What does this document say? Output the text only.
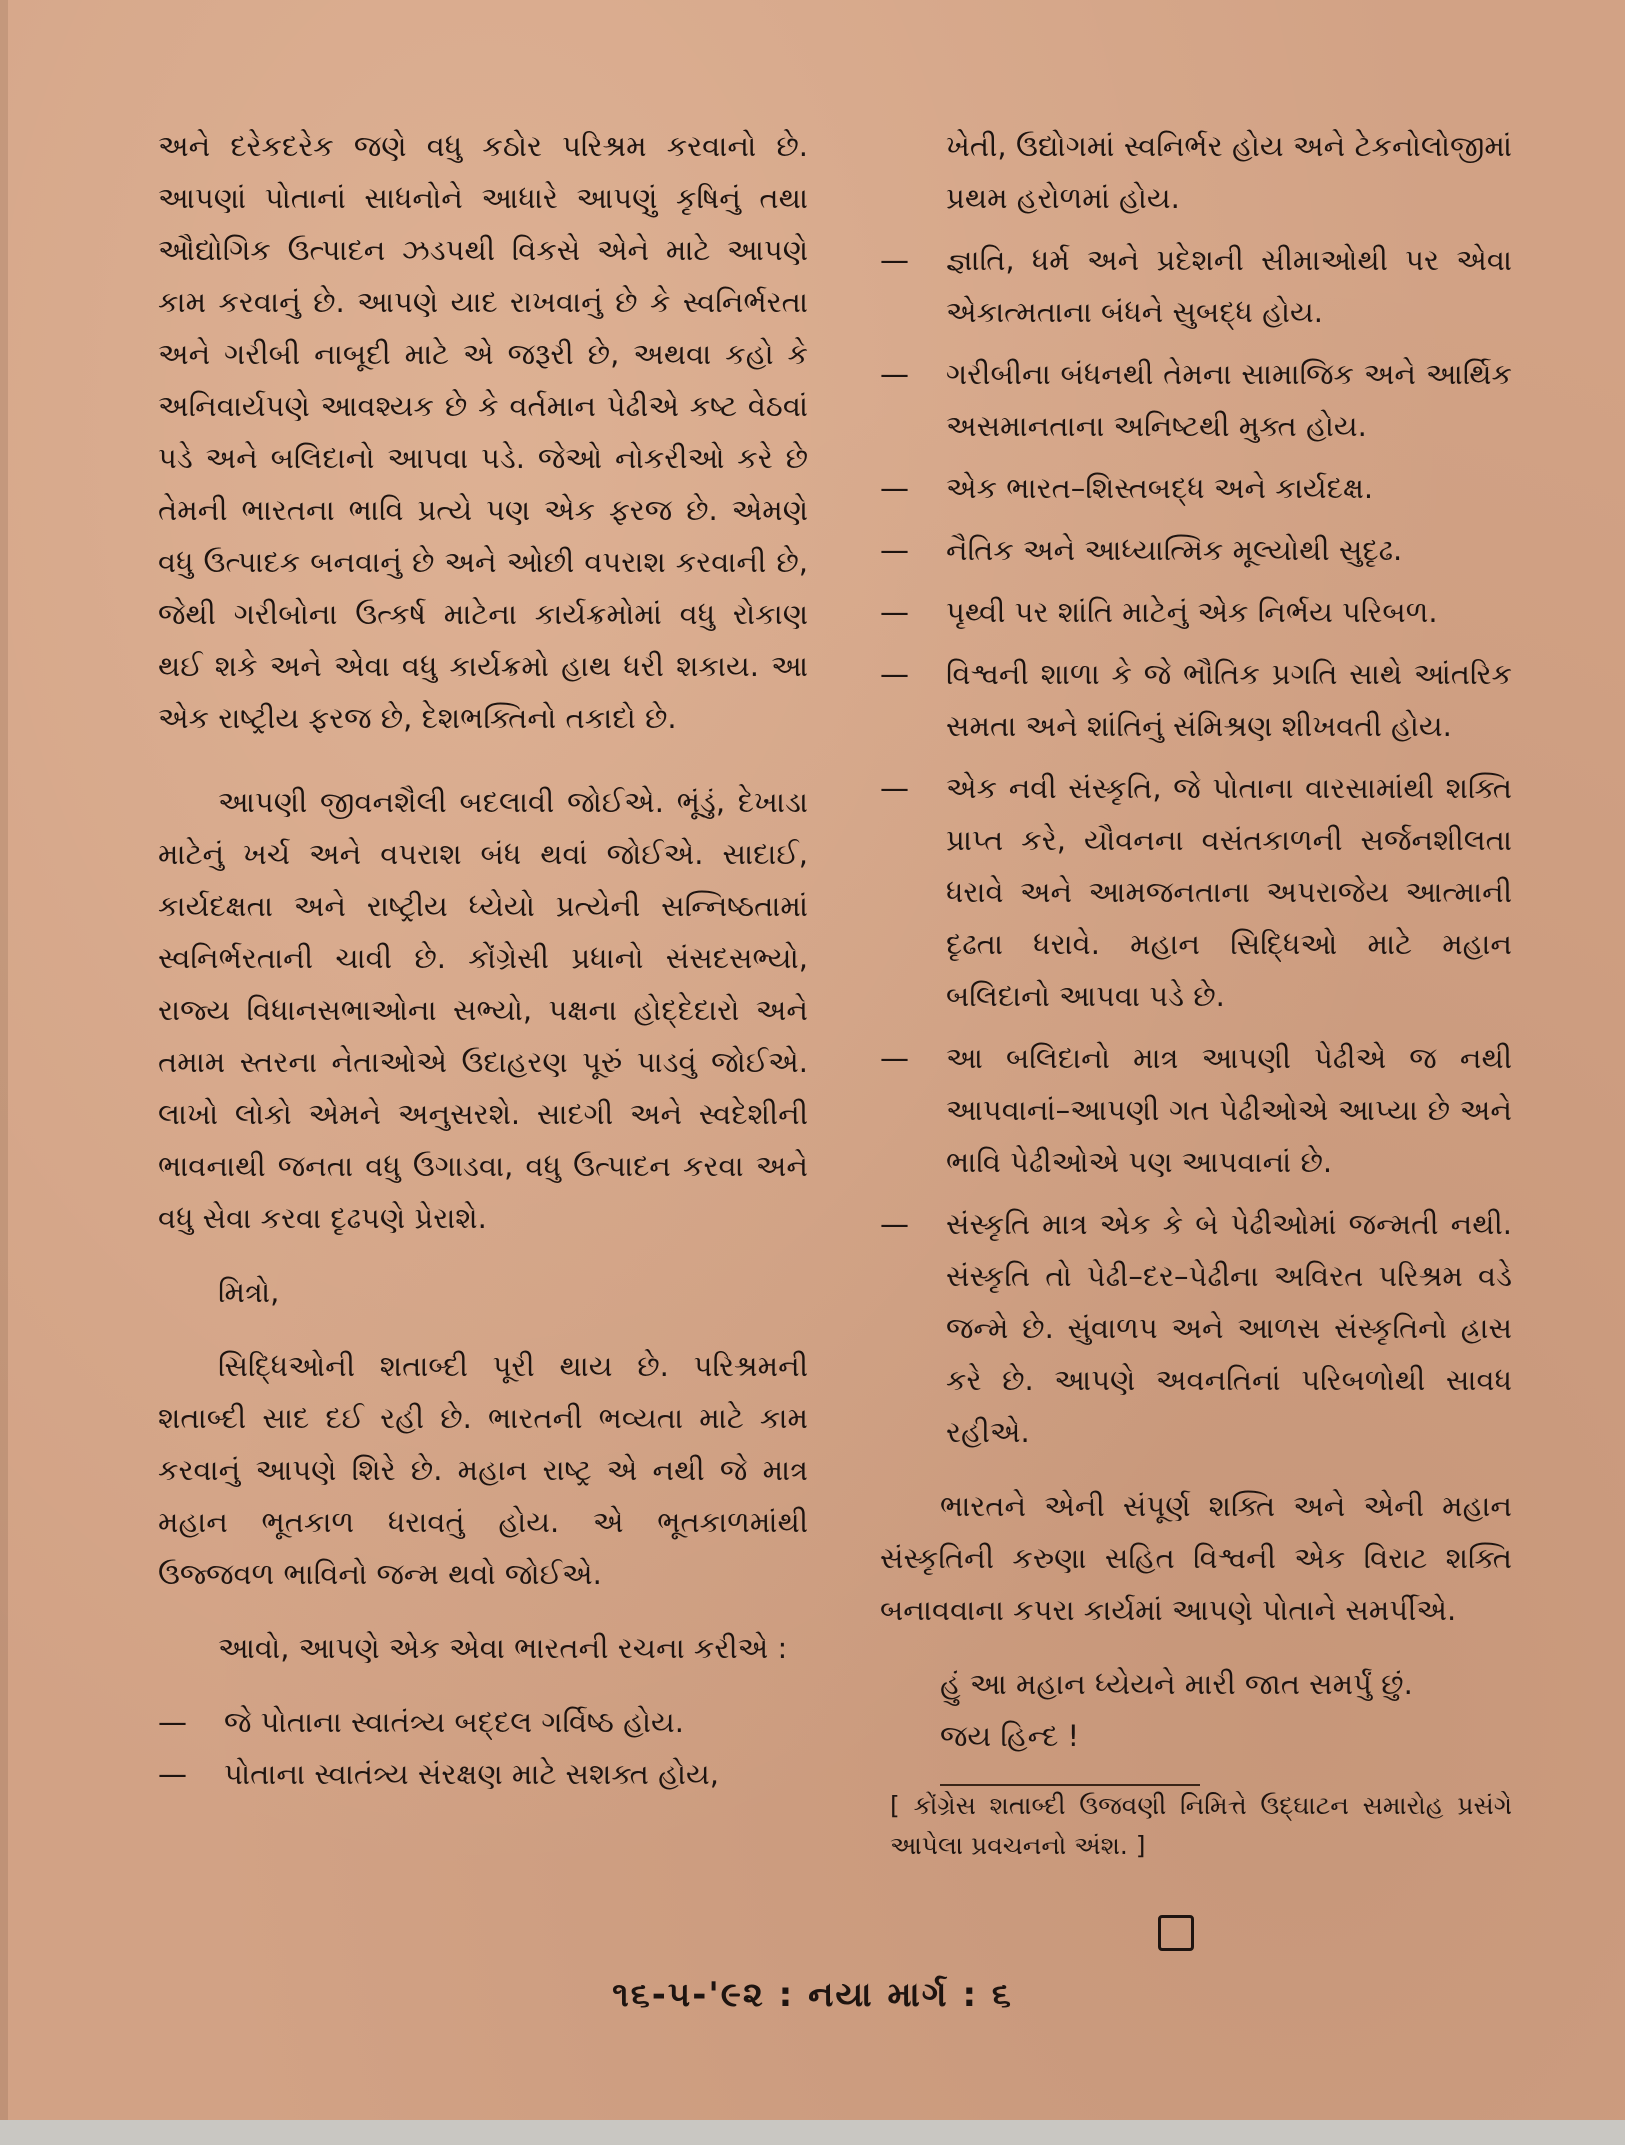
અને દરેકદરેક જણે વધુ કઠોર પરિશ્રમ કરવાનો છે. આપણાં પોતાનાં સાધનોને આધારે આપણું કૃષિનું તથા ઔદ્યોગિક ઉત્પાદન ઝડપથી વિકસે એને માટે આપણે કામ કરવાનું છે. આપણે યાદ રાખવાનું છે કે સ્વનિર્ભરતા અને ગરીબી નાબૂદી માટે એ જરૂરી છે, અથવા કહો કે અનિવાર્યપણે આવશ્યક છે કે વર્તમાન પેઢીએ કષ્ટ વેઠવાં પડે અને બલિદાનો આપવા પડે. જેઓ નોકરીઓ કરે છે તેમની ભારતના ભાવિ પ્રત્યે પણ એક ફરજ છે. એમણે વધુ ઉત્પાદક બનવાનું છે અને ઓછી વપરાશ કરવાની છે, જેથી ગરીબોના ઉત્કર્ષ માટેના કાર્યક્રમોમાં વધુ રોકાણ થઈ શકે અને એવા વધુ કાર્યક્રમો હાથ ધરી શકાય. આ એક રાષ્ટ્રીય ફરજ છે, દેશભક્તિનો તકાદો છે.

આપણી જીવનશૈલી બદલાવી જોઈએ. ભૂંડું, દેખાડા માટેનું ખર્ચ અને વપરાશ બંધ થવાં જોઈએ. સાદાઈ, કાર્યદક્ષતા અને રાષ્ટ્રીય ધ્યેયો પ્રત્યેની સન્નિષ્ઠતામાં સ્વનિર્ભરતાની ચાવી છે. કોંગ્રેસી પ્રધાનો સંસદસભ્યો, રાજ્ય વિધાનસભાઓના સભ્યો, પક્ષના હોદ્દેદારો અને તમામ સ્તરના નેતાઓએ ઉદાહરણ પૂરું પાડવું જોઈએ. લાખો લોકો એમને અનુસરશે. સાદગી અને સ્વદેશીની ભાવનાથી જનતા વધુ ઉગાડવા, વધુ ઉત્પાદન કરવા અને વધુ સેવા કરવા દૃઢપણે પ્રેરાશે.

મિત્રો,

સિદ્ધિઓની શતાબ્દી પૂરી થાય છે. પરિશ્રમની શતાબ્દી સાદ દઈ રહી છે. ભારતની ભવ્યતા માટે કામ કરવાનું આપણે શિરે છે. મહાન રાષ્ટ્ર એ નથી જે માત્ર મહાન ભૂતકાળ ધરાવતું હોય. એ ભૂતકાળમાંથી ઉજ્જવળ ભાવિનો જન્મ થવો જોઈએ.

આવો, આપણે એક એવા ભારતની રચના કરીએ :

— જે પોતાના સ્વાતંત્ર્ય બદ્દલ ગર્વિષ્ઠ હોય.

— પોતાના સ્વાતંત્ર્ય સંરક્ષણ માટે સશક્ત હોય,

ખેતી, ઉદ્યોગમાં સ્વનિર્ભર હોય અને ટેકનોલોજીમાં પ્રથમ હરોળમાં હોય.

— જ્ઞાતિ, ધર્મ અને પ્રદેશની સીમાઓથી પર એવા એકાત્મતાના બંધને સુબદ્ધ હોય.

— ગરીબીના બંધનથી તેમના સામાજિક અને આર્થિક અસમાનતાના અનિષ્ટથી મુક્ત હોય.

— એક ભારત–શિસ્તબદ્ધ અને કાર્યદક્ષ.

— નૈતિક અને આધ્યાત્મિક મૂલ્યોથી સુદૃઢ.

— પૃથ્વી પર શાંતિ માટેનું એક નિર્ભય પરિબળ.

— વિશ્વની શાળા કે જે ભૌતિક પ્રગતિ સાથે આંતરિક સમતા અને શાંતિનું સંમિશ્રણ શીખવતી હોય.

— એક નવી સંસ્કૃતિ, જે પોતાના વારસામાંથી શક્તિ પ્રાપ્ત કરે, યૌવનના વસંતકાળની સર્જનશીલતા ધરાવે અને આમજનતાના અપરાજેય આત્માની દૃઢતા ધરાવે. મહાન સિદ્ધિઓ માટે મહાન બલિદાનો આપવા પડે છે.

— આ બલિદાનો માત્ર આપણી પેઢીએ જ નથી આપવાનાં–આપણી ગત પેઢીઓએ આપ્યા છે અને ભાવિ પેઢીઓએ પણ આપવાનાં છે.

— સંસ્કૃતિ માત્ર એક કે બે પેઢીઓમાં જન્મતી નથી. સંસ્કૃતિ તો પેઢી–દર–પેઢીના અવિરત પરિશ્રમ વડે જન્મે છે. સુંવાળપ અને આળસ સંસ્કૃતિનો હ્રાસ કરે છે. આપણે અવનતિનાં પરિબળોથી સાવધ રહીએ.

ભારતને એની સંપૂર્ણ શક્તિ અને એની મહાન સંસ્કૃતિની કરુણા સહિત વિશ્વની એક વિરાટ શક્તિ બનાવવાના કપરા કાર્યમાં આપણે પોતાને સમર્પીએ.

હું આ મહાન ધ્યેયને મારી જાત સમર્પું છું.

જય હિન્દ !

[ કોંગ્રેસ શતાબ્દી ઉજવણી નિમિત્તે ઉદ્‌ઘાટન સમારોહ પ્રસંગે આપેલા પ્રવચનનો અંશ. ]

૧૬-૫-'૯૨ : નયા માર્ગ : ૬
